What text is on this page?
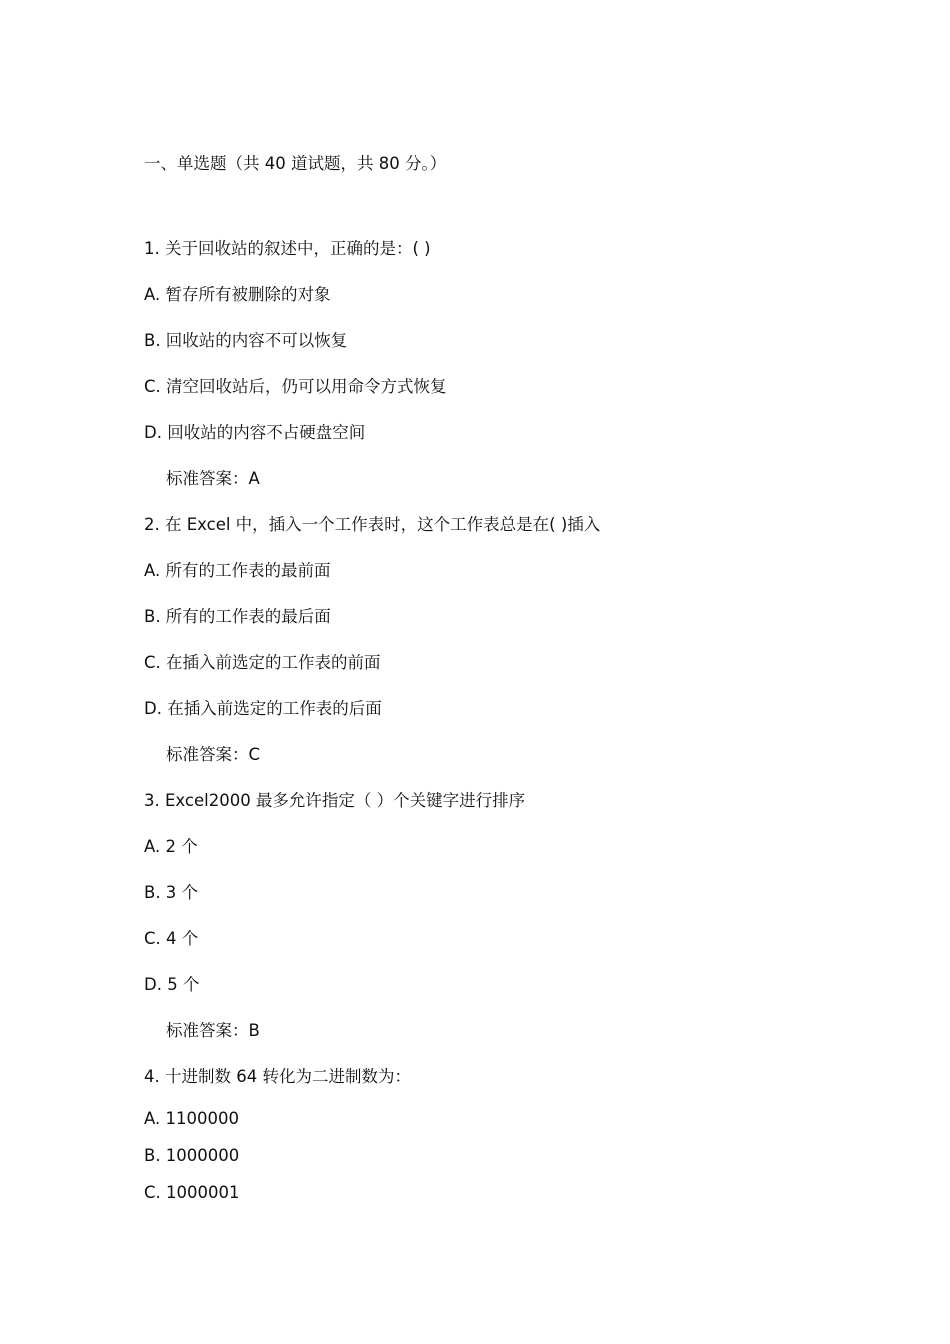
一、单选题（共 40 道试题，共 80 分。）
1. 关于回收站的叙述中，正确的是：( )
A. 暂存所有被删除的对象
B. 回收站的内容不可以恢复
C. 清空回收站后，仍可以用命令方式恢复
D. 回收站的内容不占硬盘空间
标准答案：A
2. 在 Excel 中，插入一个工作表时，这个工作表总是在( )插入
A. 所有的工作表的最前面
B. 所有的工作表的最后面
C. 在插入前选定的工作表的前面
D. 在插入前选定的工作表的后面
标准答案：C
3. Excel2000 最多允许指定（ ）个关键字进行排序
A. 2 个
B. 3 个
C. 4 个
D. 5 个
标准答案：B
4. 十进制数 64 转化为二进制数为：
A. 1100000
B. 1000000
C. 1000001
